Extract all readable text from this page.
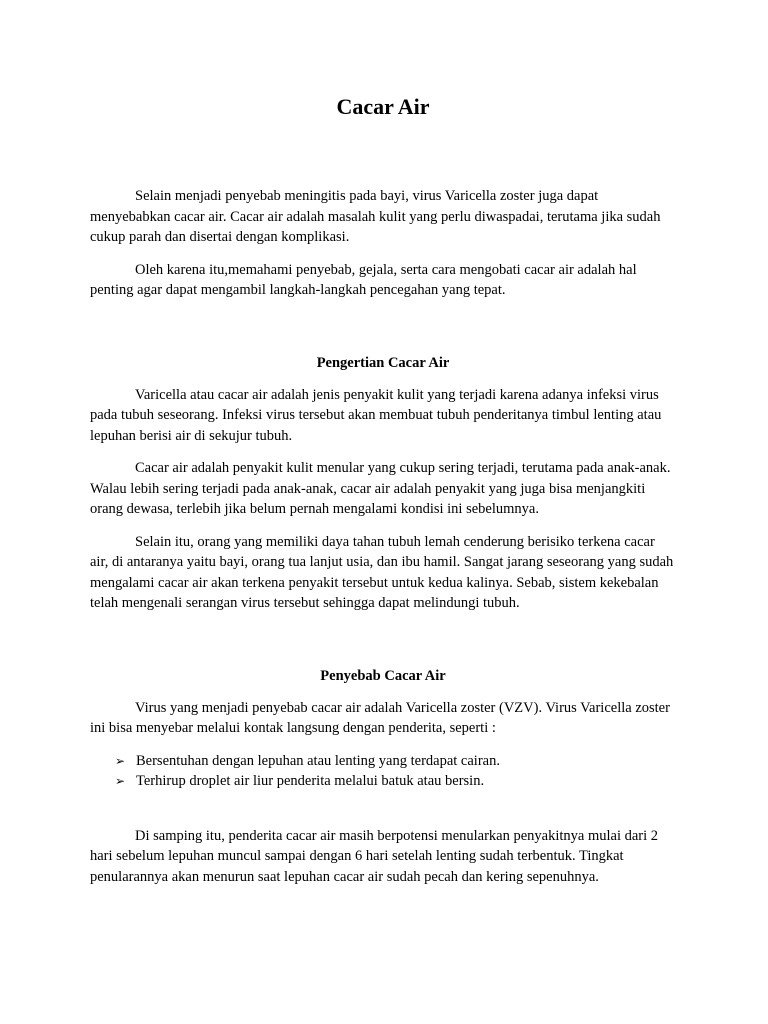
Cacar Air

Selain menjadi penyebab meningitis pada bayi, virus Varicella zoster juga dapat menyebabkan cacar air. Cacar air adalah masalah kulit yang perlu diwaspadai, terutama jika sudah cukup parah dan disertai dengan komplikasi.

Oleh karena itu,memahami penyebab, gejala, serta cara mengobati cacar air adalah hal penting agar dapat mengambil langkah-langkah pencegahan yang tepat.

Pengertian Cacar Air

Varicella atau cacar air adalah jenis penyakit kulit yang terjadi karena adanya infeksi virus pada tubuh seseorang. Infeksi virus tersebut akan membuat tubuh penderitanya timbul lenting atau lepuhan berisi air di sekujur tubuh.

Cacar air adalah penyakit kulit menular yang cukup sering terjadi, terutama pada anak-anak. Walau lebih sering terjadi pada anak-anak, cacar air adalah penyakit yang juga bisa menjangkiti orang dewasa, terlebih jika belum pernah mengalami kondisi ini sebelumnya.

Selain itu, orang yang memiliki daya tahan tubuh lemah cenderung berisiko terkena cacar air, di antaranya yaitu bayi, orang tua lanjut usia, dan ibu hamil. Sangat jarang seseorang yang sudah mengalami cacar air akan terkena penyakit tersebut untuk kedua kalinya. Sebab, sistem kekebalan telah mengenali serangan virus tersebut sehingga dapat melindungi tubuh.

Penyebab Cacar Air

Virus yang menjadi penyebab cacar air adalah Varicella zoster (VZV). Virus Varicella zoster ini bisa menyebar melalui kontak langsung dengan penderita, seperti :

➢ Bersentuhan dengan lepuhan atau lenting yang terdapat cairan.
➢ Terhirup droplet air liur penderita melalui batuk atau bersin.

Di samping itu, penderita cacar air masih berpotensi menularkan penyakitnya mulai dari 2 hari sebelum lepuhan muncul sampai dengan 6 hari setelah lenting sudah terbentuk. Tingkat penularannya akan menurun saat lepuhan cacar air sudah pecah dan kering sepenuhnya.
